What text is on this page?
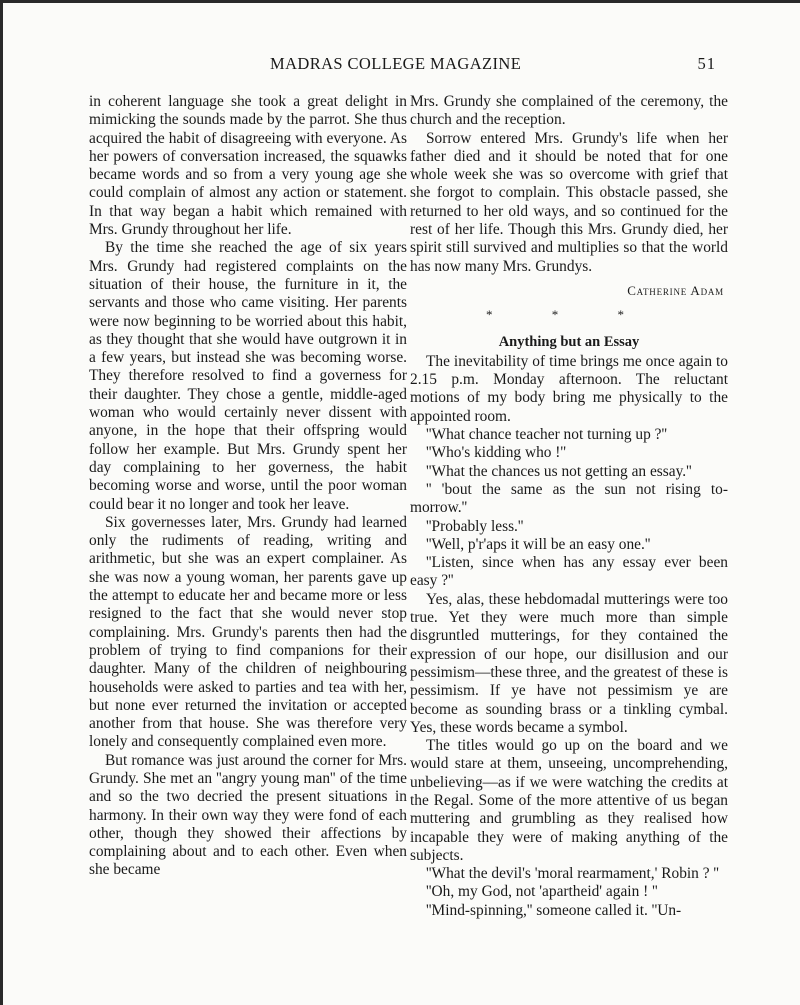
MADRAS COLLEGE MAGAZINE	51

in coherent language she took a great delight in mimicking the sounds made by the parrot. She thus acquired the habit of disagreeing with everyone. As her powers of conversation increased, the squawks became words and so from a very young age she could complain of almost any action or statement. In that way began a habit which remained with Mrs. Grundy throughout her life.

By the time she reached the age of six years Mrs. Grundy had registered complaints on the situation of their house, the furniture in it, the servants and those who came visiting. Her parents were now beginning to be worried about this habit, as they thought that she would have outgrown it in a few years, but instead she was becoming worse. They therefore resolved to find a governess for their daughter. They chose a gentle, middle-aged woman who would certainly never dissent with anyone, in the hope that their offspring would follow her example. But Mrs. Grundy spent her day complaining to her governess, the habit becoming worse and worse, until the poor woman could bear it no longer and took her leave.

Six governesses later, Mrs. Grundy had learned only the rudiments of reading, writing and arithmetic, but she was an expert complainer. As she was now a young woman, her parents gave up the attempt to educate her and became more or less resigned to the fact that she would never stop complaining. Mrs. Grundy's parents then had the problem of trying to find companions for their daughter. Many of the children of neighbouring households were asked to parties and tea with her, but none ever returned the invitation or accepted another from that house. She was therefore very lonely and consequently complained even more.

But romance was just around the corner for Mrs. Grundy. She met an ''angry young man'' of the time and so the two decried the present situations in harmony. In their own way they were fond of each other, though they showed their affections by complaining about and to each other. Even when she became

Mrs. Grundy she complained of the ceremony, the church and the reception.

Sorrow entered Mrs. Grundy's life when her father died and it should be noted that for one whole week she was so overcome with grief that she forgot to complain. This obstacle passed, she returned to her old ways, and so continued for the rest of her life. Though this Mrs. Grundy died, her spirit still survived and multiplies so that the world has now many Mrs. Grundys.

Catherine Adam
* * *
Anything but an Essay

The inevitability of time brings me once again to 2.15 p.m. Monday afternoon. The reluctant motions of my body bring me physically to the appointed room.

''What chance teacher not turning up ?''

''Who's kidding who !''

''What the chances us not getting an essay.''

'' 'bout the same as the sun not rising to-morrow.''

''Probably less.''

''Well, p'r'aps it will be an easy one.''

''Listen, since when has any essay ever been easy ?''

Yes, alas, these hebdomadal mutterings were too true. Yet they were much more than simple disgruntled mutterings, for they contained the expression of our hope, our disillusion and our pessimism—these three, and the greatest of these is pessimism. If ye have not pessimism ye are become as sounding brass or a tinkling cymbal. Yes, these words became a symbol.

The titles would go up on the board and we would stare at them, unseeing, uncomprehending, unbelieving—as if we were watching the credits at the Regal. Some of the more attentive of us began muttering and grumbling as they realised how incapable they were of making anything of the subjects.

''What the devil's 'moral rearmament,' Robin ? ''

''Oh, my God, not 'apartheid' again ! ''

''Mind-spinning,'' someone called it. ''Un-
